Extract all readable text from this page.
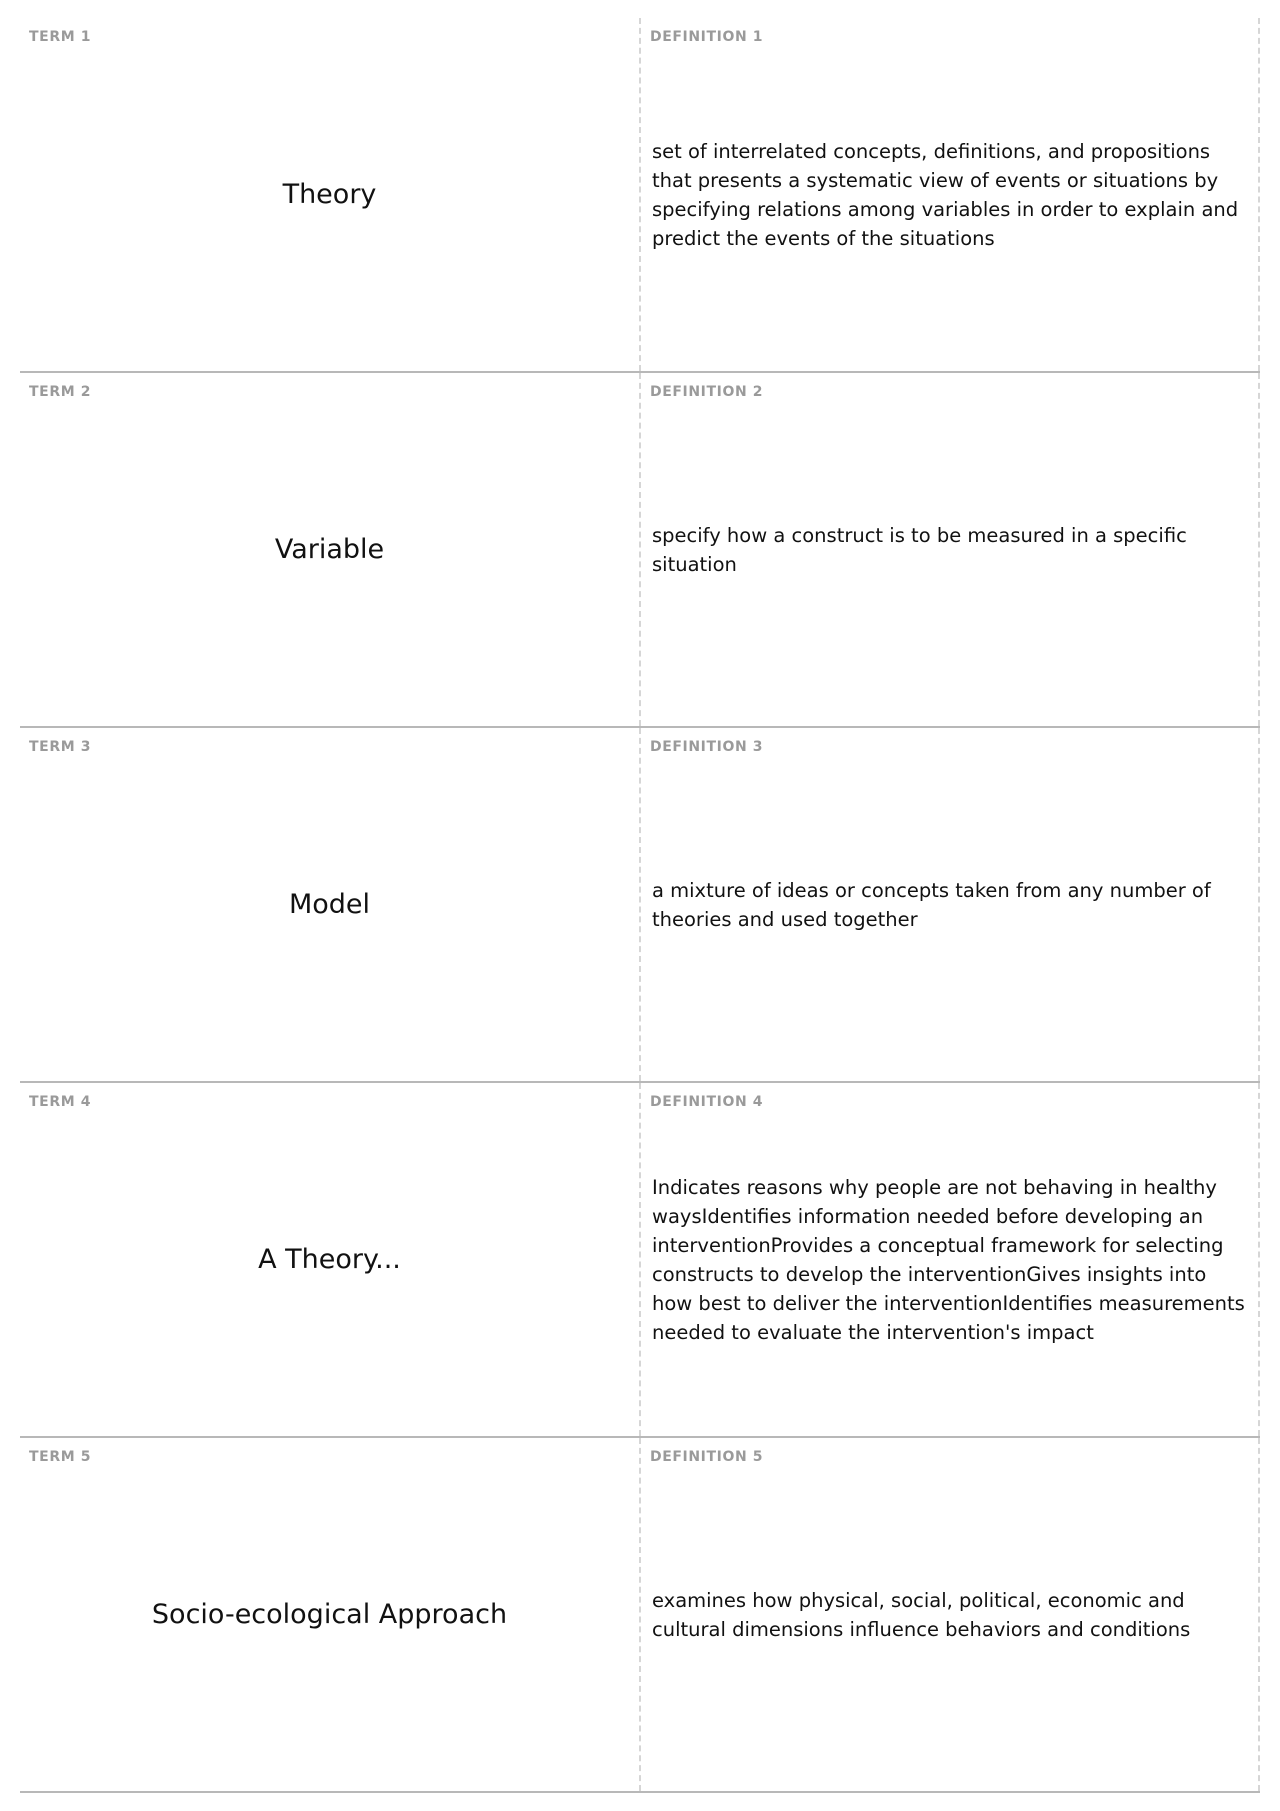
TERM 1
Theory
DEFINITION 1
set of interrelated concepts, definitions, and propositions that presents a systematic view of events or situations by specifying relations among variables in order to explain and predict the events of the situations
TERM 2
Variable
DEFINITION 2
specify how a construct is to be measured in a specific situation
TERM 3
Model
DEFINITION 3
a mixture of ideas or concepts taken from any number of theories and used together
TERM 4
A Theory...
DEFINITION 4
Indicates reasons why people are not behaving in healthy waysIdentifies information needed before developing an interventionProvides a conceptual framework for selecting constructs to develop the interventionGives insights into how best to deliver the interventionIdentifies measurements needed to evaluate the intervention's impact
TERM 5
Socio-ecological Approach
DEFINITION 5
examines how physical, social, political, economic and cultural dimensions influence behaviors and conditions
